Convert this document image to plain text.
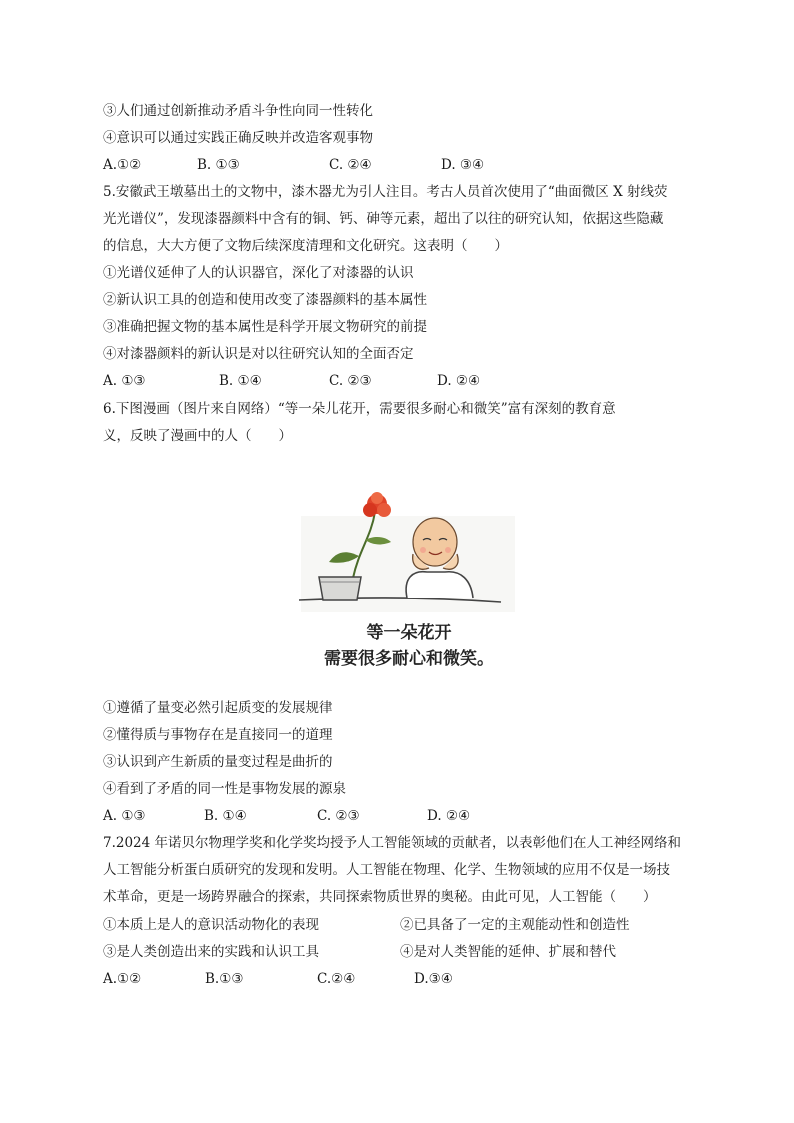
③人们通过创新推动矛盾斗争性向同一性转化
④意识可以通过实践正确反映并改造客观事物
A.①②	B. ①③	C. ②④	D. ③④
5.安徽武王墩墓出土的文物中，漆木器尤为引人注目。考古人员首次使用了“曲面微区 X 射线荧
光光谱仪”，发现漆器颜料中含有的铜、钙、砷等元素，超出了以往的研究认知，依据这些隐藏
的信息，大大方便了文物后续深度清理和文化研究。这表明（　　）
①光谱仪延伸了人的认识器官，深化了对漆器的认识
②新认识工具的创造和使用改变了漆器颜料的基本属性
③准确把握文物的基本属性是科学开展文物研究的前提
④对漆器颜料的新认识是对以往研究认知的全面否定
A. ①③	B. ①④	C. ②③	D. ②④
6.下图漫画（图片来自网络）“等一朵儿花开，需要很多耐心和微笑”富有深刻的教育意
义，反映了漫画中的人（　　）
等一朵花开
需要很多耐心和微笑。
①遵循了量变必然引起质变的发展规律
②懂得质与事物存在是直接同一的道理
③认识到产生新质的量变过程是曲折的
④看到了矛盾的同一性是事物发展的源泉
A. ①③	B. ①④	C. ②③	D. ②④
7.2024 年诺贝尔物理学奖和化学奖均授予人工智能领域的贡献者，以表彰他们在人工神经网络和
人工智能分析蛋白质研究的发现和发明。人工智能在物理、化学、生物领域的应用不仅是一场技
术革命，更是一场跨界融合的探索，共同探索物质世界的奥秘。由此可见，人工智能（　　）
①本质上是人的意识活动物化的表现	②已具备了一定的主观能动性和创造性
③是人类创造出来的实践和认识工具	④是对人类智能的延伸、扩展和替代
A.①②	B.①③	C.②④	D.③④
